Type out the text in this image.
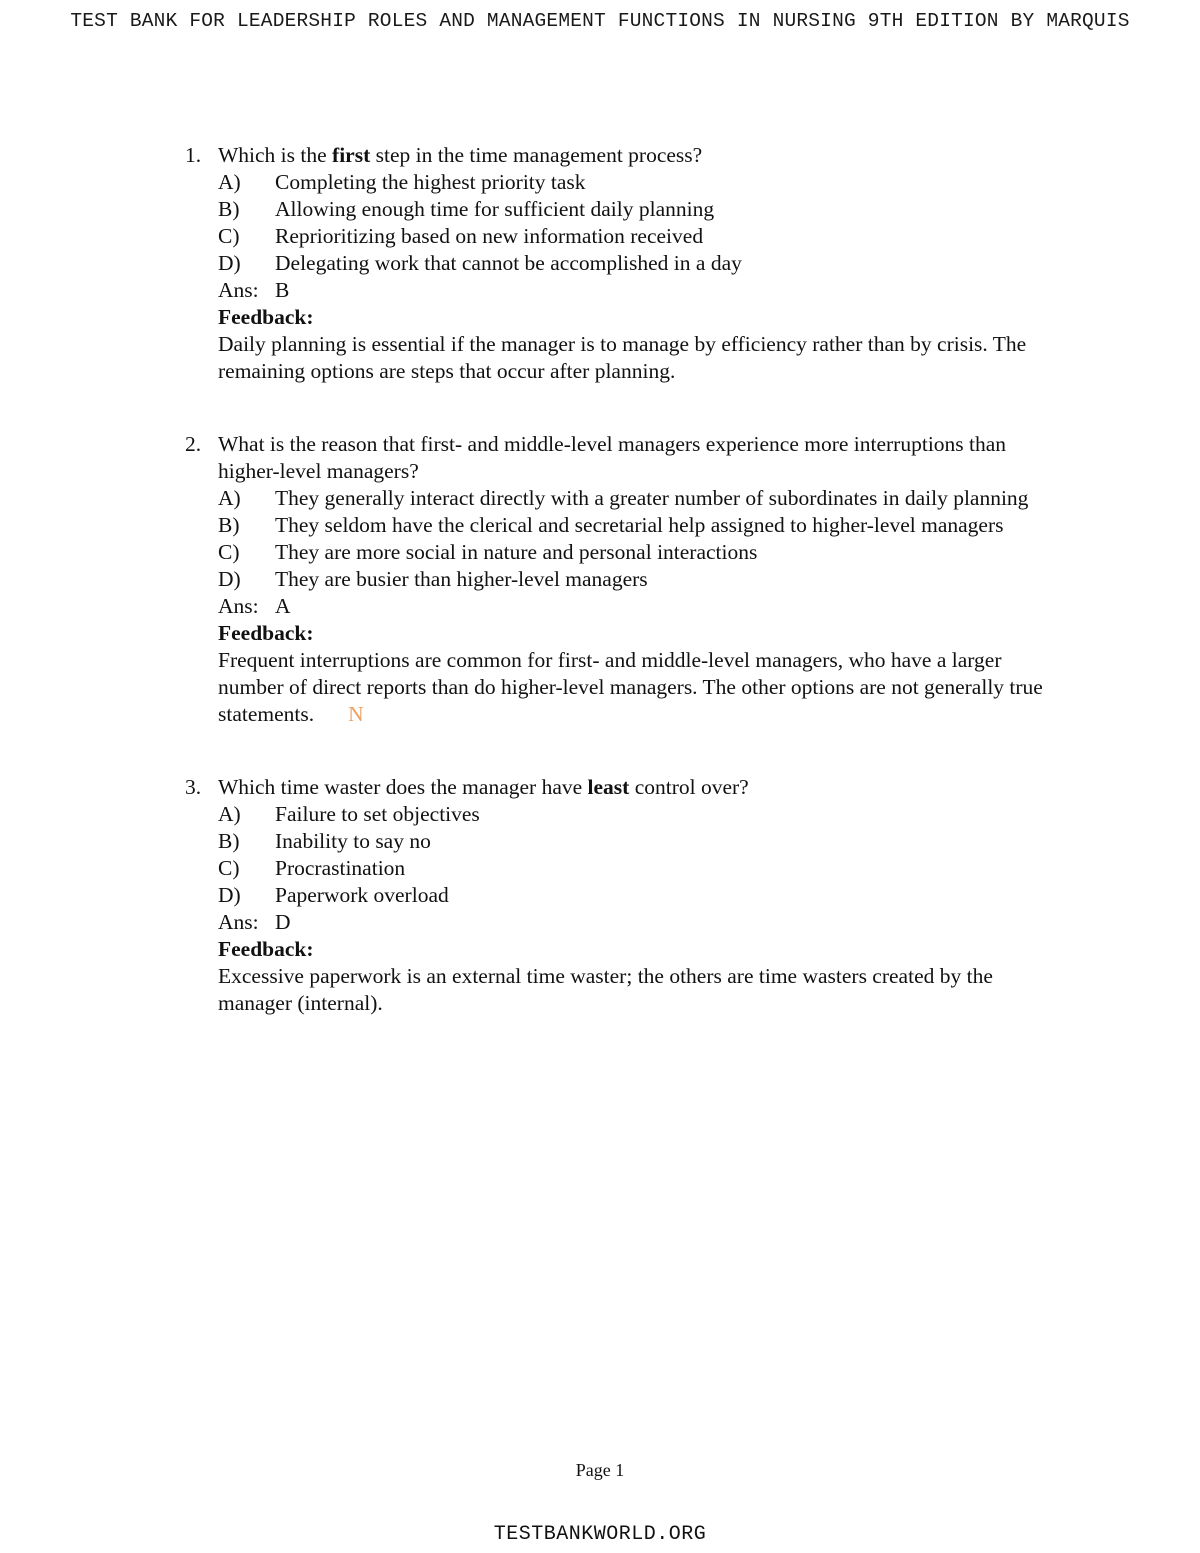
TEST BANK FOR LEADERSHIP ROLES AND MANAGEMENT FUNCTIONS IN NURSING 9TH EDITION BY MARQUIS
1. Which is the first step in the time management process?
A)	Completing the highest priority task
B)	Allowing enough time for sufficient daily planning
C)	Reprioritizing based on new information received
D)	Delegating work that cannot be accomplished in a day
Ans: B
Feedback:
Daily planning is essential if the manager is to manage by efficiency rather than by crisis. The remaining options are steps that occur after planning.
2. What is the reason that first- and middle-level managers experience more interruptions than higher-level managers?
A)	They generally interact directly with a greater number of subordinates in daily planning
B)	They seldom have the clerical and secretarial help assigned to higher-level managers
C)	They are more social in nature and personal interactions
D)	They are busier than higher-level managers
Ans: A
Feedback:
Frequent interruptions are common for first- and middle-level managers, who have a larger number of direct reports than do higher-level managers. The other options are not generally true statements. N
3. Which time waster does the manager have least control over?
A)	Failure to set objectives
B)	Inability to say no
C)	Procrastination
D)	Paperwork overload
Ans: D
Feedback:
Excessive paperwork is an external time waster; the others are time wasters created by the manager (internal).
Page 1
TESTBANKWORLD.ORG
